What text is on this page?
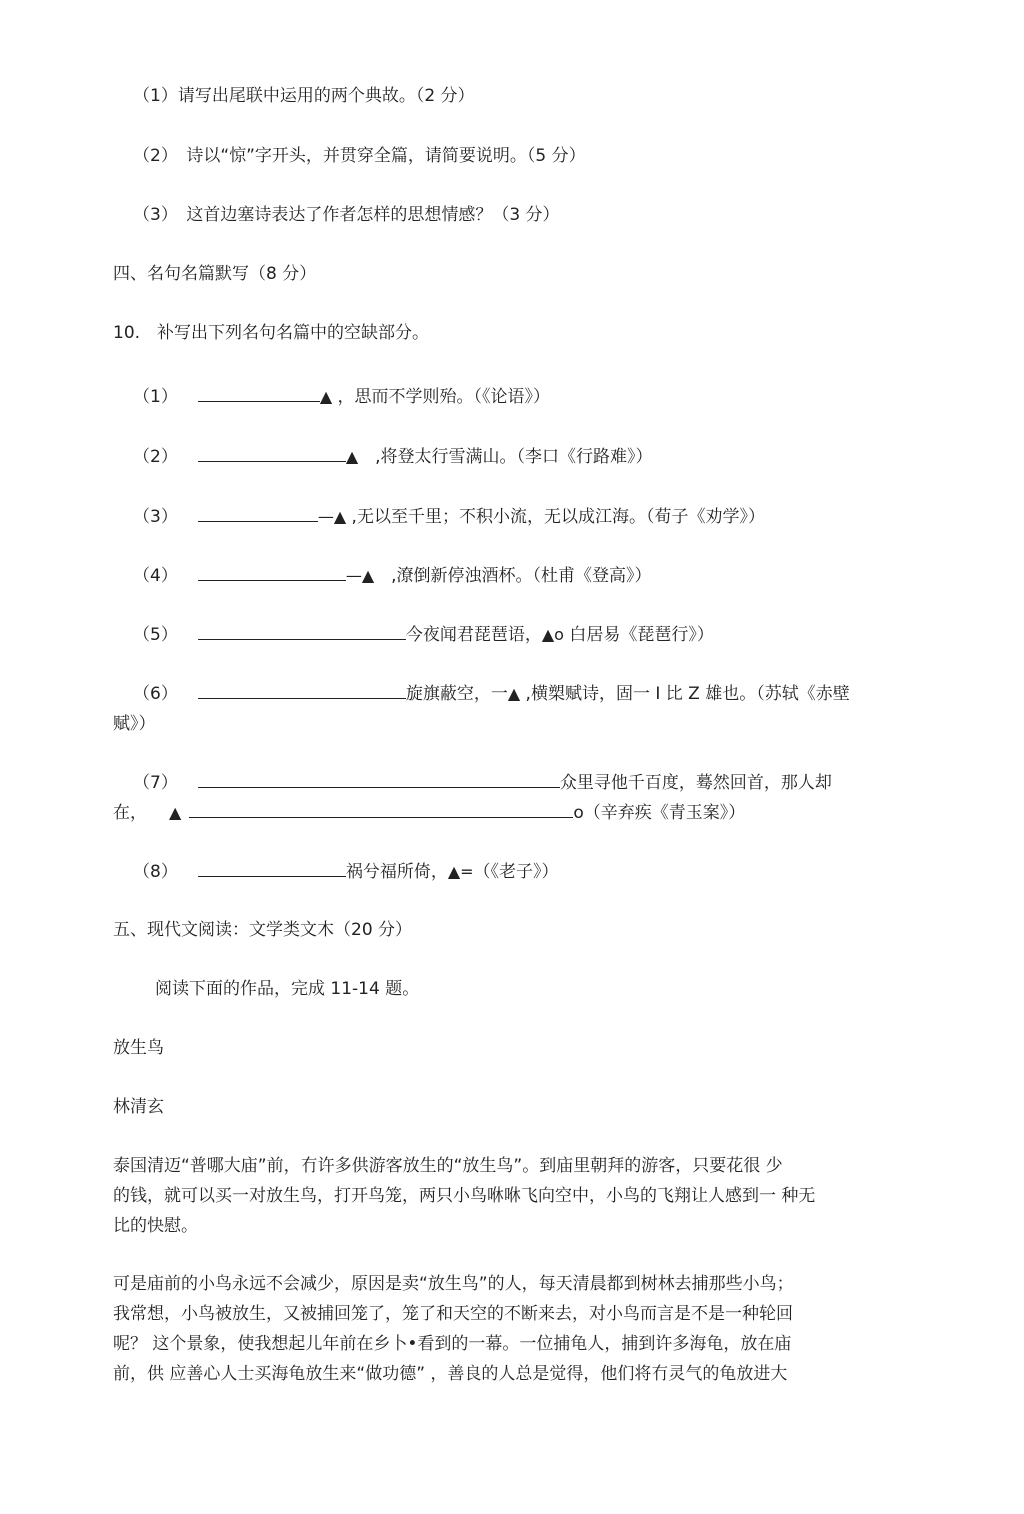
（1）请写出尾联中运用的两个典故。（2 分）
（2）　诗以“惊”字开头，并贯穿全篇，请简要说明。（5 分）
（3）　这首边塞诗表达了作者怎样的思想情感？（3 分）
四、名句名篇默写（8 分）
10.　补写出下列名句名篇中的空缺部分。
（1）	▲ ，思而不学则殆。（《论语》）
（2）	▲　,将登太行雪满山。（李口《行路难》）
（3）	—▲ ,无以至千里；不积小流，无以成江海。（荀子《劝学》）
（4）	—▲　,潦倒新停浊酒杯。（杜甫《登高》）
（5）	今夜闻君琵琶语，▲o 白居易《琵琶行》）
（6）	旋旗蔽空，一▲ ,横槊赋诗，固一 I 比 Z 雄也。（苏轼《赤壁
赋》）
（7）	众里寻他千百度，蓦然回首，那人却
在， ▲	o（辛弃疾《青玉案》）
（8）	祸兮福所倚，▲=（《老子》）
五、现代文阅读：文学类文木（20 分）
阅读下面的作品，完成 11-14 题。
放生鸟
林清玄
泰国清迈“普哪大庙”前，冇许多供游客放生的“放生鸟”。到庙里朝拜的游客，只要花很 少
的钱，就可以买一对放生鸟，打开鸟笼，两只小鸟咻咻飞向空中，小鸟的飞翔让人感到一 种无
比的快慰。
可是庙前的小鸟永远不会减少，原因是卖“放生鸟”的人，每天清晨都到树林去捕那些小鸟；
我常想，小鸟被放生，又被捕回笼了，笼了和天空的不断来去，对小鸟而言是不是一种轮回
呢？ 这个景象，使我想起儿年前在乡卜•看到的一幕。一位捕龟人，捕到许多海龟，放在庙
前，供 应善心人士买海龟放生来“做功德” ，善良的人总是觉得，他们将冇灵气的龟放进大
